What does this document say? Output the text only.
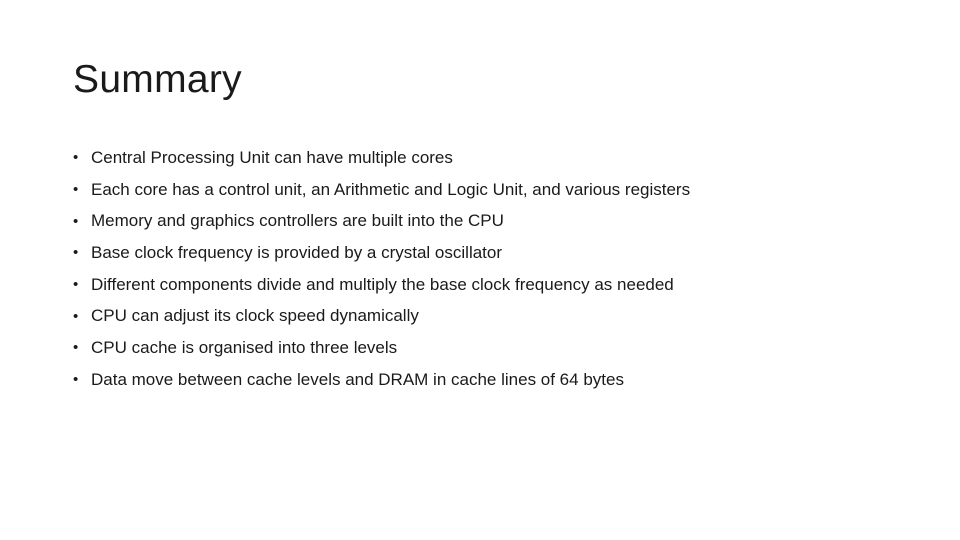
Summary
• Central Processing Unit can have multiple cores
• Each core has a control unit, an Arithmetic and Logic Unit, and various registers
• Memory and graphics controllers are built into the CPU
• Base clock frequency is provided by a crystal oscillator
• Different components divide and multiply the base clock frequency as needed
• CPU can adjust its clock speed dynamically
• CPU cache is organised into three levels
• Data move between cache levels and DRAM in cache lines of 64 bytes
